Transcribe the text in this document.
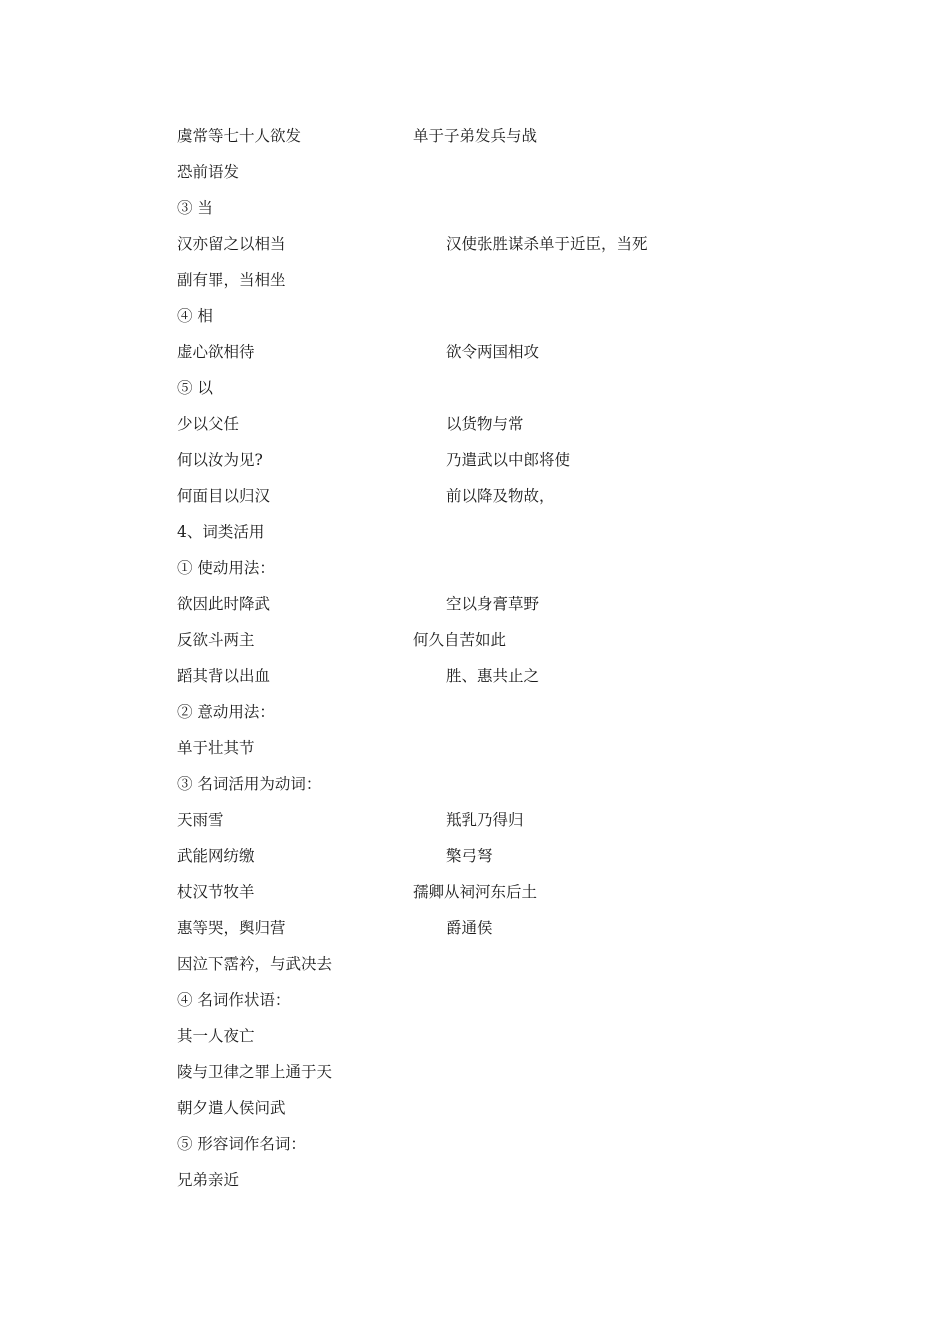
虞常等七十人欲发	单于子弟发兵与战
恐前语发
③ 当
汉亦留之以相当	汉使张胜谋杀单于近臣，当死
副有罪，当相坐
④ 相
虚心欲相待	欲令两国相攻
⑤ 以
少以父任	以货物与常
何以汝为见?	乃遣武以中郎将使
何面目以归汉	前以降及物故，
4、词类活用
① 使动用法：
欲因此时降武	空以身膏草野
反欲斗两主	何久自苦如此
蹈其背以出血	胜、惠共止之
② 意动用法：
单于壮其节
③ 名词活用为动词：
天雨雪	羝乳乃得归
武能网纺缴	檠弓弩
杖汉节牧羊	孺卿从祠河东后土
惠等哭，舆归营	爵通侯
因泣下霑衿，与武决去
④ 名词作状语：
其一人夜亡
陵与卫律之罪上通于天
朝夕遣人侯问武
⑤ 形容词作名词：
兄弟亲近
